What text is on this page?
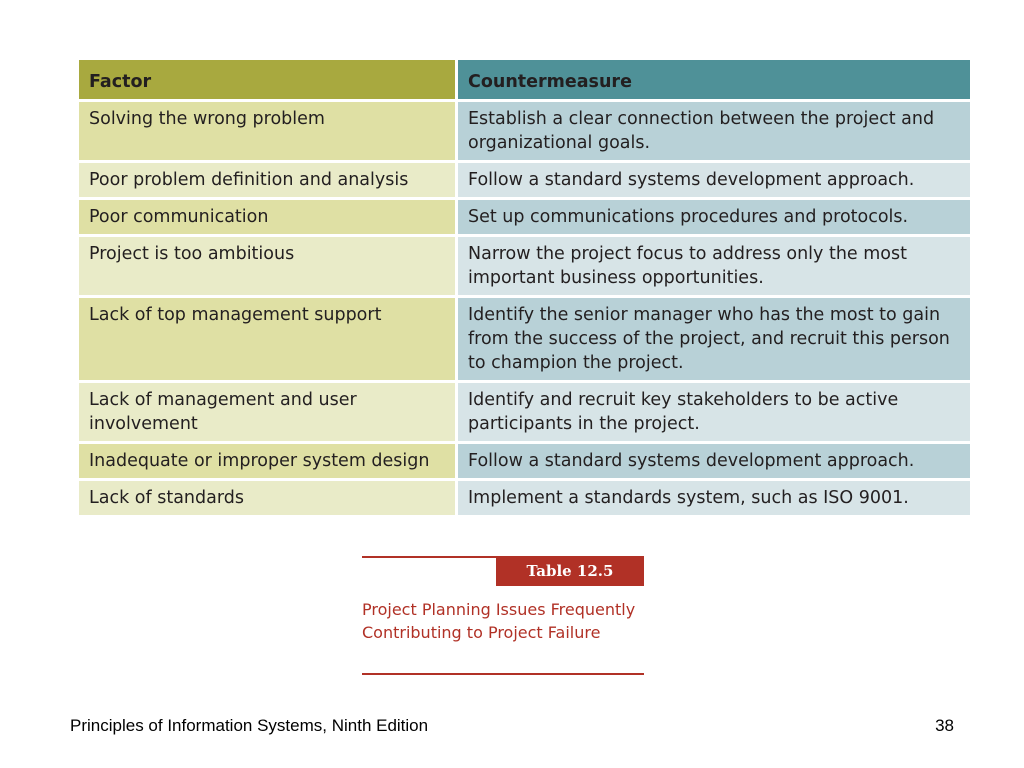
Factor	Countermeasure
Solving the wrong problem	Establish a clear connection between the project and organizational goals.
Poor problem definition and analysis	Follow a standard systems development approach.
Poor communication	Set up communications procedures and protocols.
Project is too ambitious	Narrow the project focus to address only the most important business opportunities.
Lack of top management support	Identify the senior manager who has the most to gain from the success of the project, and recruit this person to champion the project.
Lack of management and user involvement	Identify and recruit key stakeholders to be active participants in the project.
Inadequate or improper system design	Follow a standard systems development approach.
Lack of standards	Implement a standards system, such as ISO 9001.
Table 12.5
Project Planning Issues Frequently Contributing to Project Failure
Principles of Information Systems, Ninth Edition	38
